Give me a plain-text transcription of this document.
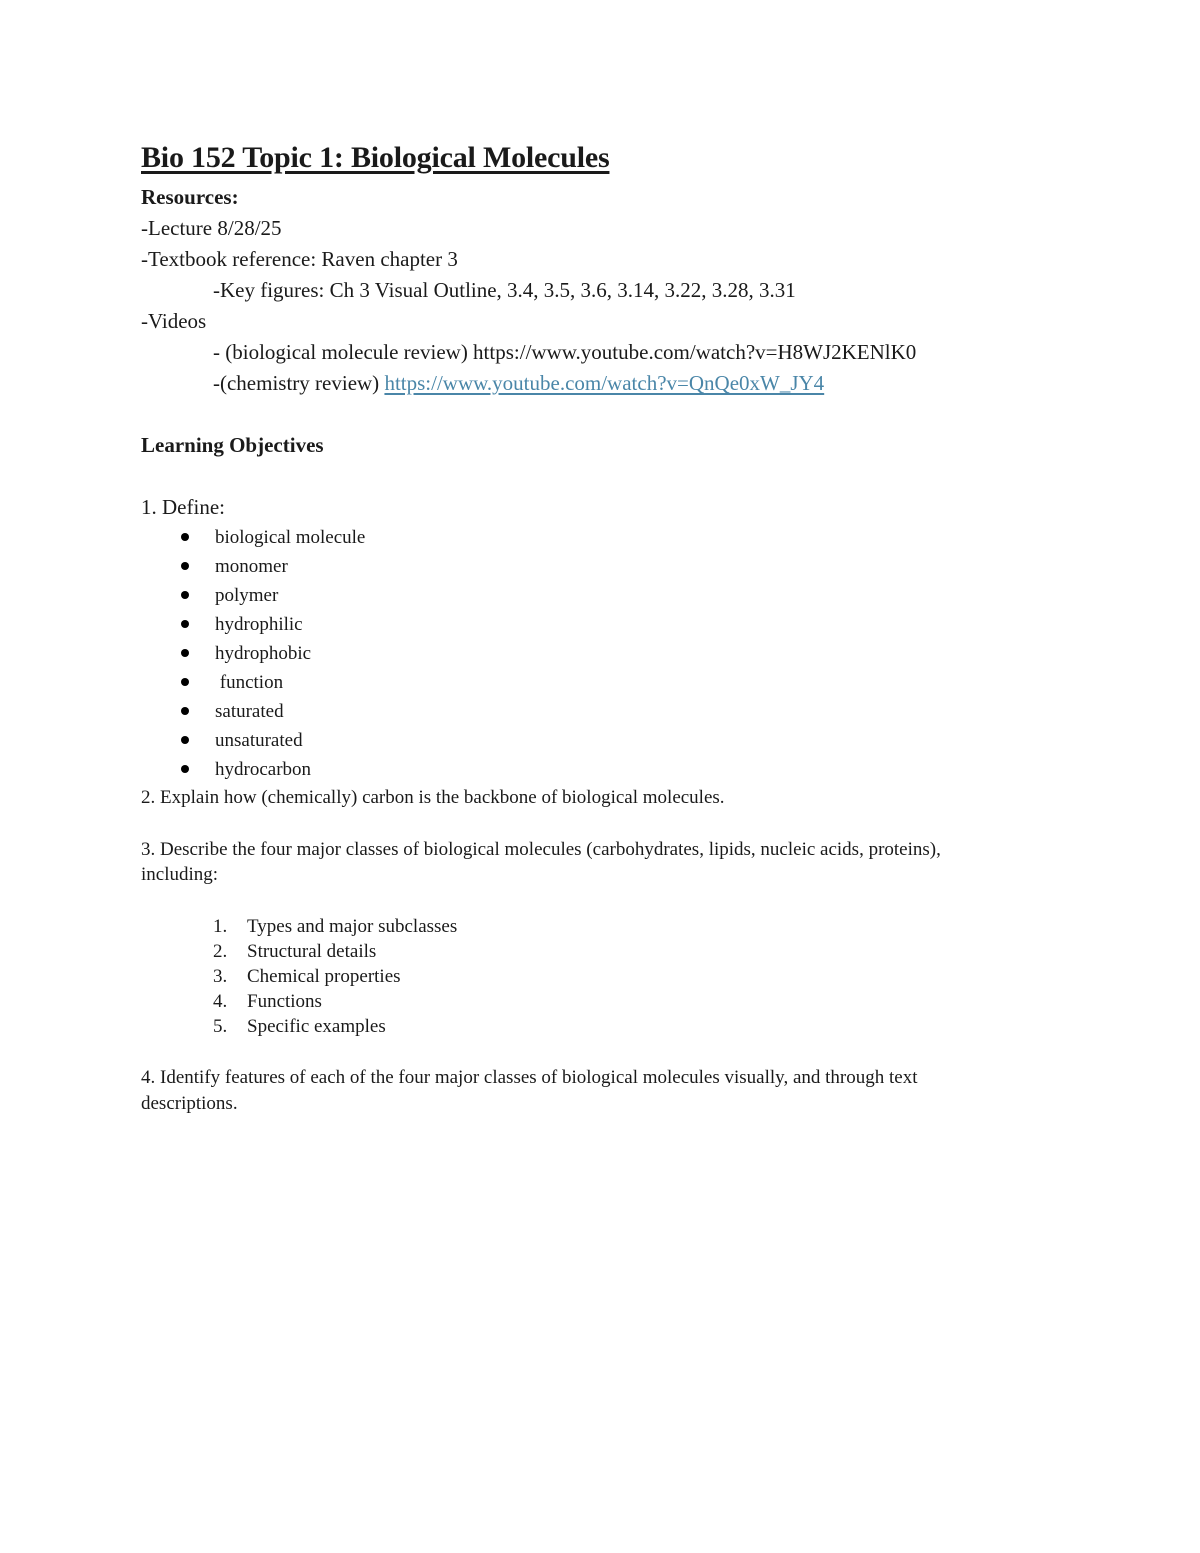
Bio 152 Topic 1: Biological Molecules
Resources:
-Lecture 8/28/25
-Textbook reference: Raven chapter 3
-Key figures: Ch 3 Visual Outline, 3.4, 3.5, 3.6, 3.14, 3.22, 3.28, 3.31
-Videos
- (biological molecule review) https://www.youtube.com/watch?v=H8WJ2KENlK0
-(chemistry review) https://www.youtube.com/watch?v=QnQe0xW_JY4
Learning Objectives
1. Define:
biological molecule
monomer
polymer
hydrophilic
hydrophobic
function
saturated
unsaturated
hydrocarbon
2. Explain how (chemically) carbon is the backbone of biological molecules.
3. Describe the four major classes of biological molecules (carbohydrates, lipids, nucleic acids, proteins),
including:
1. Types and major subclasses
2. Structural details
3. Chemical properties
4. Functions
5. Specific examples
4. Identify features of each of the four major classes of biological molecules visually, and through text
descriptions.
